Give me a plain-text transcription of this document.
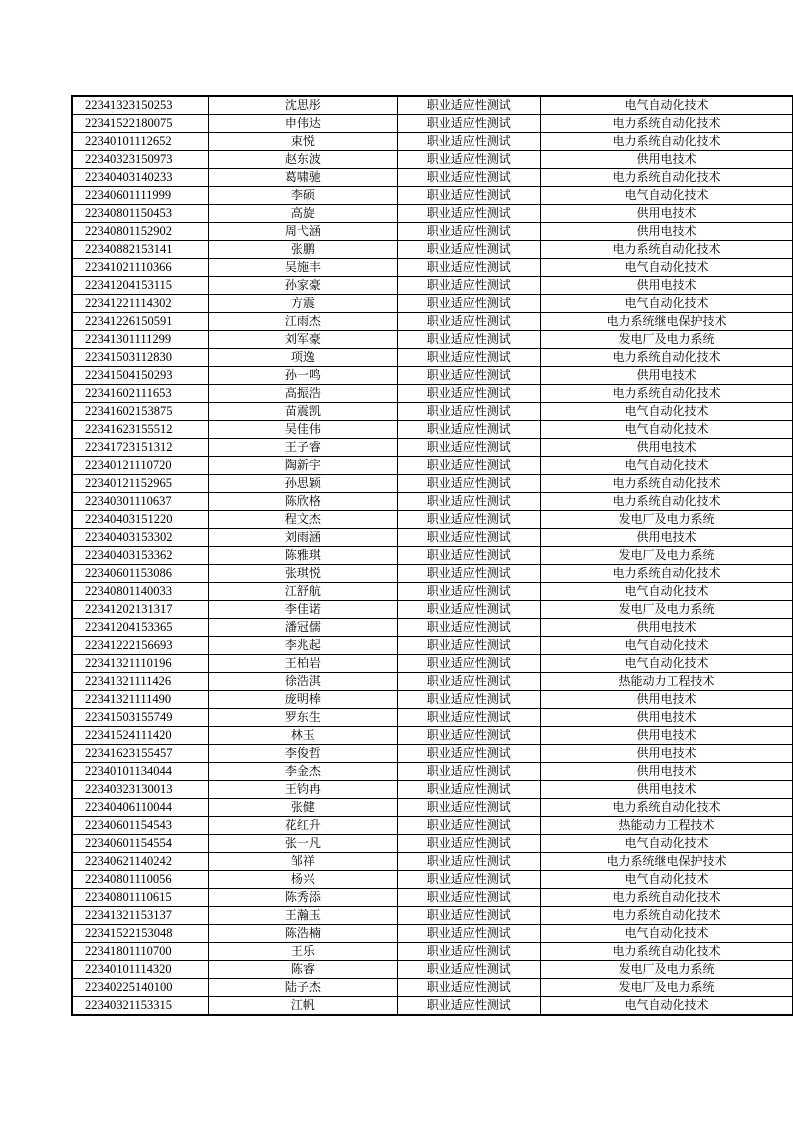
22341323150253	沈思彤	职业适应性测试	电气自动化技术
22341522180075	申伟达	职业适应性测试	电力系统自动化技术
22340101112652	束悦	职业适应性测试	电力系统自动化技术
22340323150973	赵东波	职业适应性测试	供用电技术
22340403140233	葛啸驰	职业适应性测试	电力系统自动化技术
22340601111999	李硕	职业适应性测试	电气自动化技术
22340801150453	高旋	职业适应性测试	供用电技术
22340801152902	周弋涵	职业适应性测试	供用电技术
22340882153141	张鹏	职业适应性测试	电力系统自动化技术
22341021110366	吴施丰	职业适应性测试	电气自动化技术
22341204153115	孙家豪	职业适应性测试	供用电技术
22341221114302	方震	职业适应性测试	电气自动化技术
22341226150591	江雨杰	职业适应性测试	电力系统继电保护技术
22341301111299	刘军豪	职业适应性测试	发电厂及电力系统
22341503112830	项逸	职业适应性测试	电力系统自动化技术
22341504150293	孙一鸣	职业适应性测试	供用电技术
22341602111653	高振浩	职业适应性测试	电力系统自动化技术
22341602153875	苗震凯	职业适应性测试	电气自动化技术
22341623155512	吴佳伟	职业适应性测试	电气自动化技术
22341723151312	王子睿	职业适应性测试	供用电技术
22340121110720	陶新宇	职业适应性测试	电气自动化技术
22340121152965	孙思颖	职业适应性测试	电力系统自动化技术
22340301110637	陈欣格	职业适应性测试	电力系统自动化技术
22340403151220	程文杰	职业适应性测试	发电厂及电力系统
22340403153302	刘雨涵	职业适应性测试	供用电技术
22340403153362	陈雅琪	职业适应性测试	发电厂及电力系统
22340601153086	张琪悦	职业适应性测试	电力系统自动化技术
22340801140033	江舒航	职业适应性测试	电气自动化技术
22341202131317	李佳诺	职业适应性测试	发电厂及电力系统
22341204153365	潘冠儒	职业适应性测试	供用电技术
22341222156693	李兆起	职业适应性测试	电气自动化技术
22341321110196	王柏岩	职业适应性测试	电气自动化技术
22341321111426	徐浩淇	职业适应性测试	热能动力工程技术
22341321111490	庞明棒	职业适应性测试	供用电技术
22341503155749	罗东生	职业适应性测试	供用电技术
22341524111420	林玉	职业适应性测试	供用电技术
22341623155457	李俊哲	职业适应性测试	供用电技术
22340101134044	李金杰	职业适应性测试	供用电技术
22340323130013	王钧冉	职业适应性测试	供用电技术
22340406110044	张健	职业适应性测试	电力系统自动化技术
22340601154543	花红升	职业适应性测试	热能动力工程技术
22340601154554	张一凡	职业适应性测试	电气自动化技术
22340621140242	邹祥	职业适应性测试	电力系统继电保护技术
22340801110056	杨兴	职业适应性测试	电气自动化技术
22340801110615	陈秀添	职业适应性测试	电力系统自动化技术
22341321153137	王瀚玉	职业适应性测试	电力系统自动化技术
22341522153048	陈浩楠	职业适应性测试	电气自动化技术
22341801110700	王乐	职业适应性测试	电力系统自动化技术
22340101114320	陈睿	职业适应性测试	发电厂及电力系统
22340225140100	陆子杰	职业适应性测试	发电厂及电力系统
22340321153315	江帆	职业适应性测试	电气自动化技术
